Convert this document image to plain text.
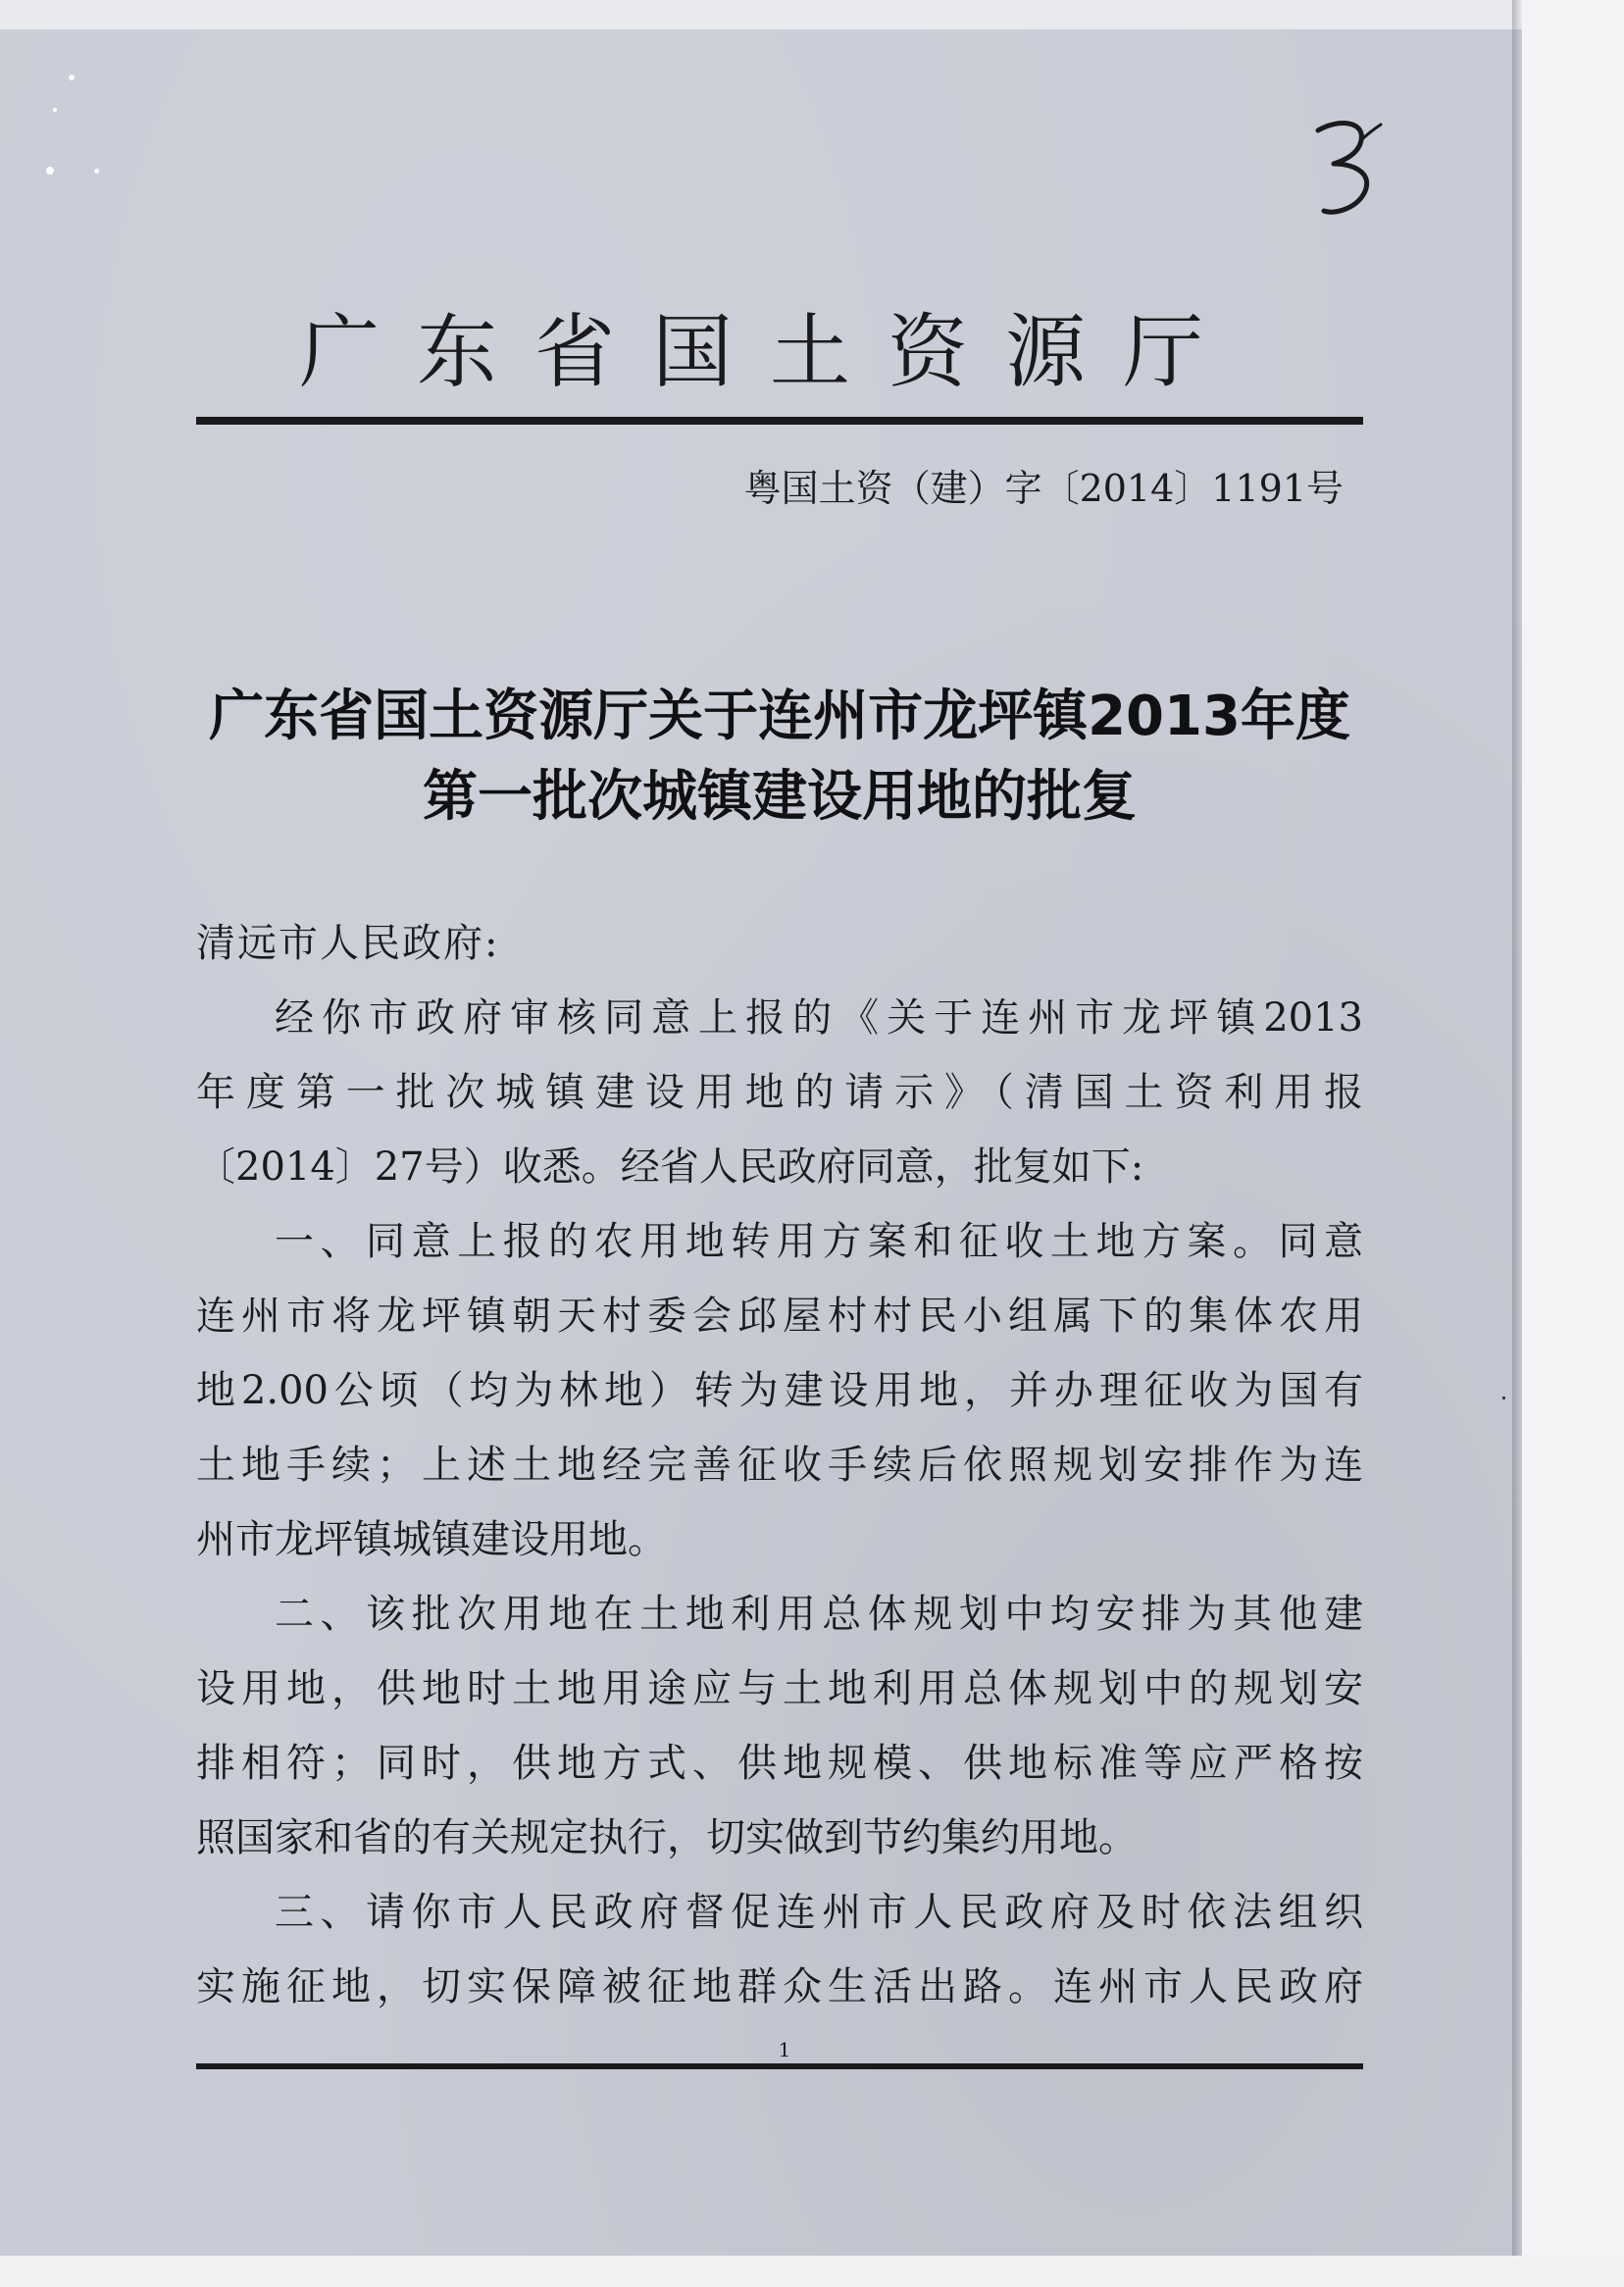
广东省国土资源厅
粤国土资（建）字〔2014〕1191号
广东省国土资源厅关于连州市龙坪镇2013年度
第一批次城镇建设用地的批复
清远市人民政府:
经你市政府审核同意上报的《关于连州市龙坪镇2013
年度第一批次城镇建设用地的请示》（清国土资利用报
〔2014〕27号）收悉。经省人民政府同意，批复如下:
一、同意上报的农用地转用方案和征收土地方案。同意
连州市将龙坪镇朝天村委会邱屋村村民小组属下的集体农用
地2.00公顷（均为林地）转为建设用地，并办理征收为国有
土地手续；上述土地经完善征收手续后依照规划安排作为连
州市龙坪镇城镇建设用地。
二、该批次用地在土地利用总体规划中均安排为其他建
设用地，供地时土地用途应与土地利用总体规划中的规划安
排相符；同时，供地方式、供地规模、供地标准等应严格按
照国家和省的有关规定执行，切实做到节约集约用地。
三、请你市人民政府督促连州市人民政府及时依法组织
实施征地，切实保障被征地群众生活出路。连州市人民政府
1
